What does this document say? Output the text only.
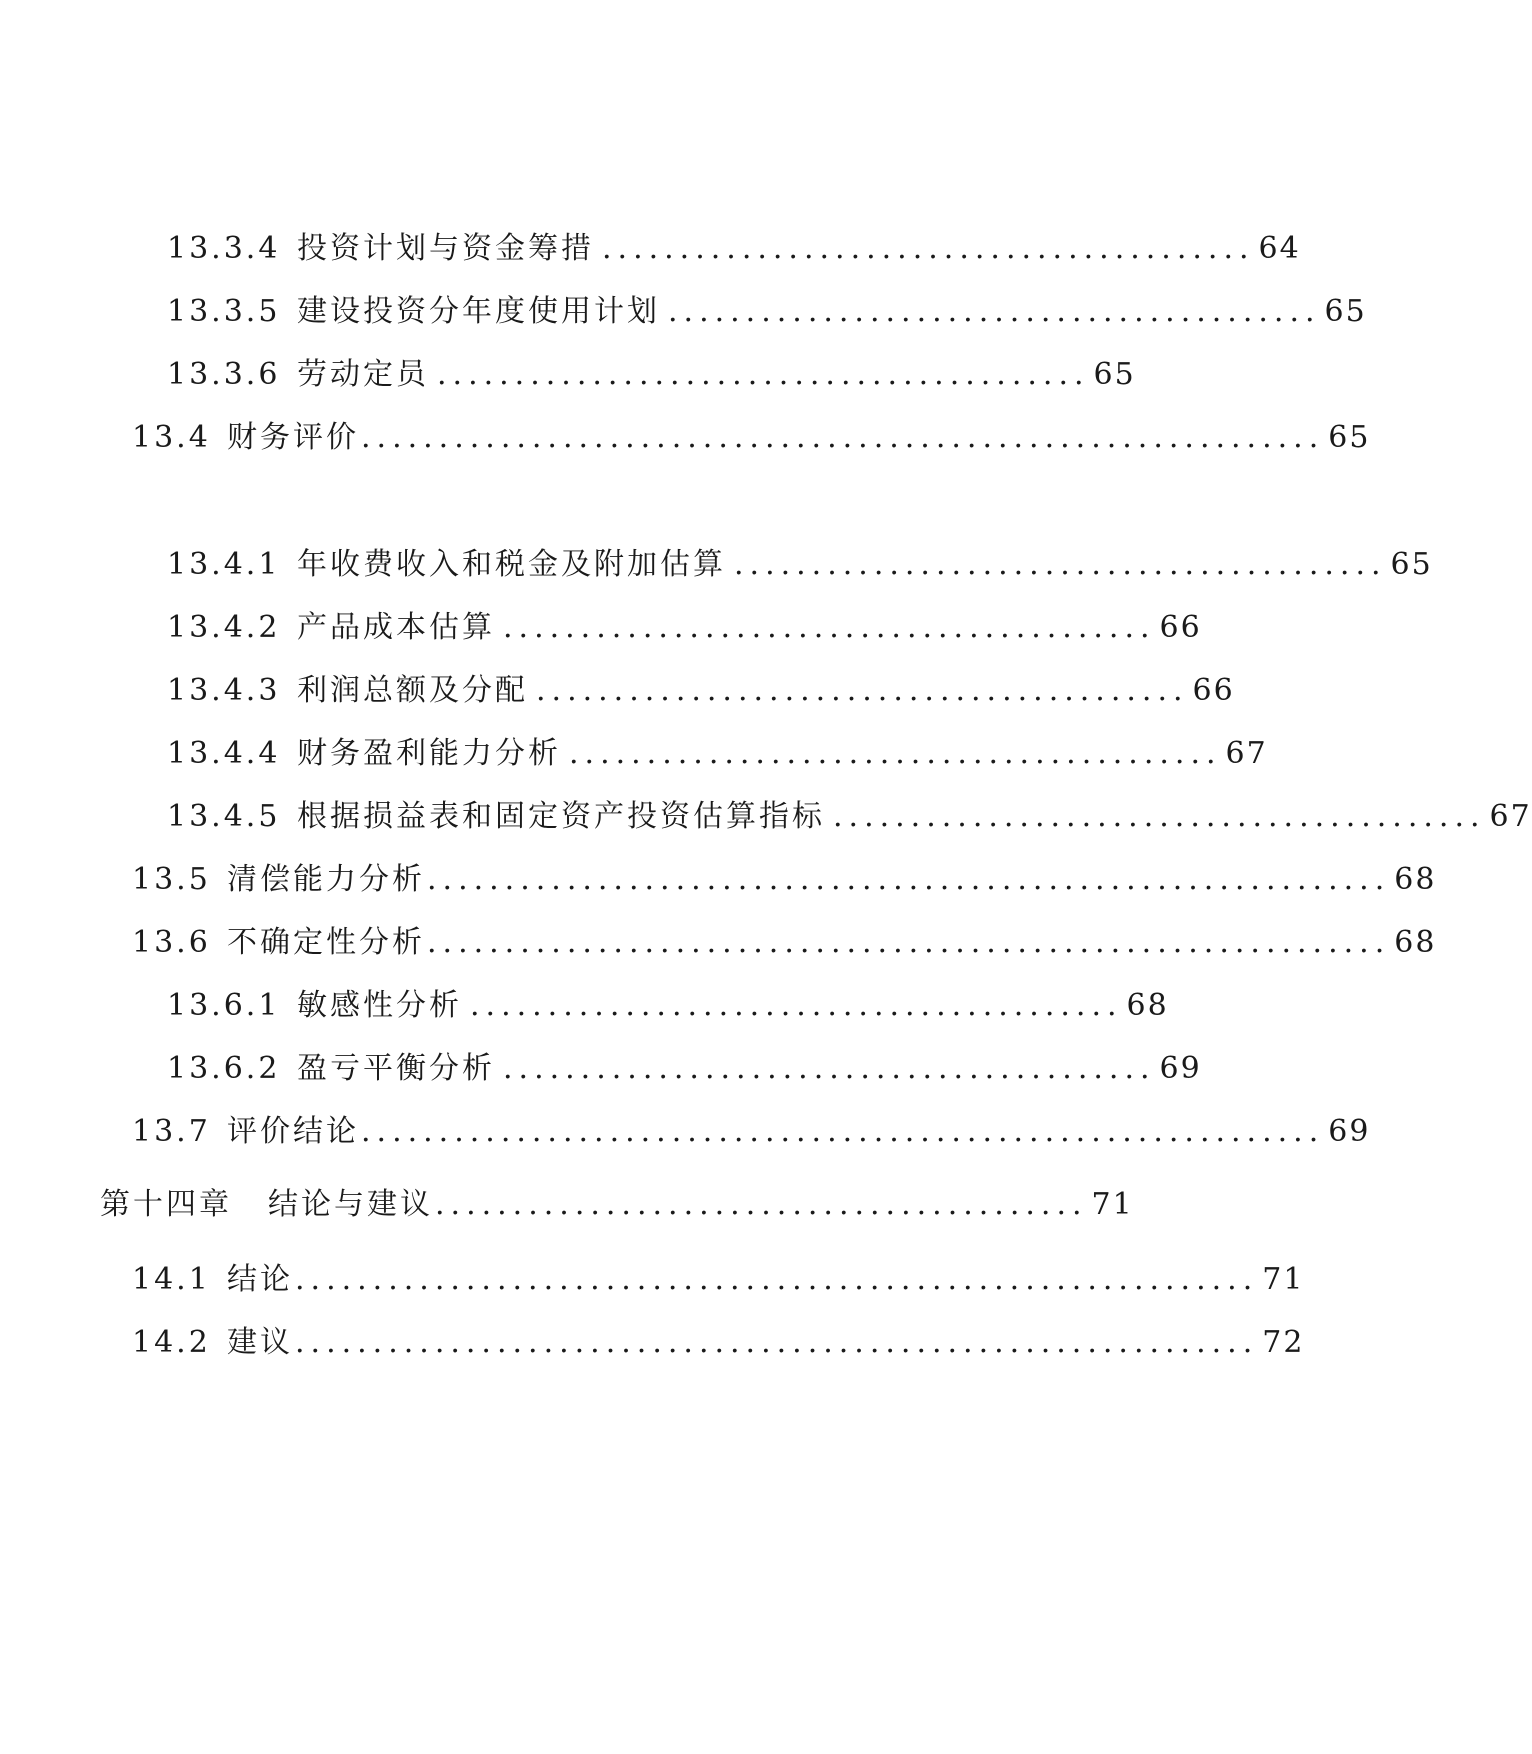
13.3.4 投资计划与资金筹措 .......................................... 64
13.3.5 建设投资分年度使用计划 .......................................... 65
13.3.6 劳动定员 .......................................... 65
13.4 财务评价 .............................................................. 65
13.4.1 年收费收入和税金及附加估算 .......................................... 65
13.4.2 产品成本估算 .......................................... 66
13.4.3 利润总额及分配 .......................................... 66
13.4.4 财务盈利能力分析 .......................................... 67
13.4.5 根据损益表和固定资产投资估算指标 .......................................... 67
13.5 清偿能力分析 .............................................................. 68
13.6 不确定性分析 .............................................................. 68
13.6.1 敏感性分析 .......................................... 68
13.6.2 盈亏平衡分析 .......................................... 69
13.7 评价结论 .............................................................. 69
第十四章	结论与建议 .......................................... 71
14.1 结论 .............................................................. 71
14.2 建议 .............................................................. 72
